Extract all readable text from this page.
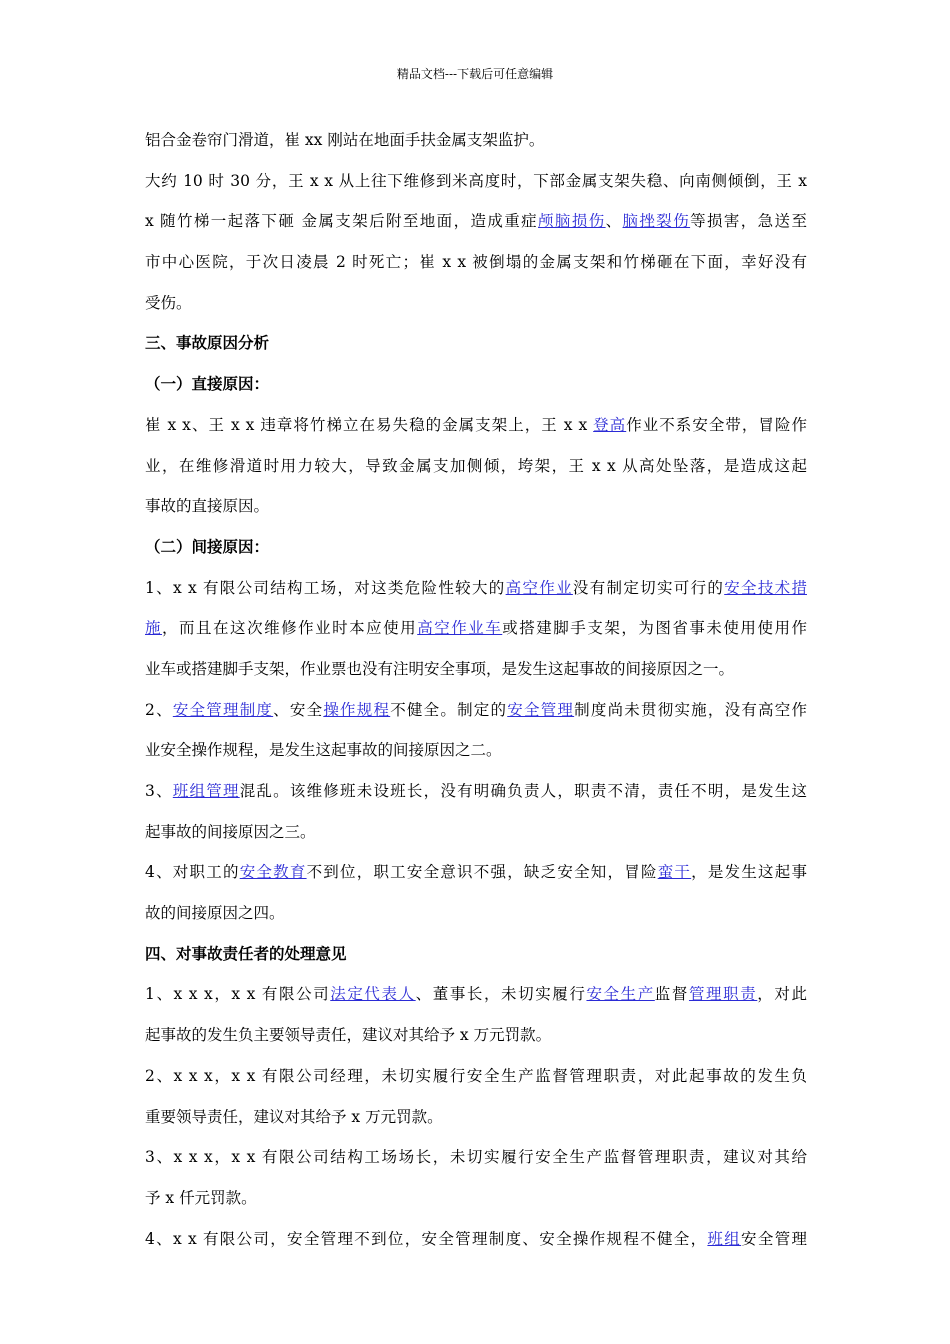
精品文档---下载后可任意编辑
铝合金卷帘门滑道，崔 xx 刚站在地面手扶金属支架监护。
大约 10 时 30 分，王 x x 从上往下维修到米高度时，下部金属支架失稳、向南侧倾倒，王 x
x 随竹梯一起落下砸 金属支架后附至地面，造成重症颅脑损伤、脑挫裂伤等损害，急送至
市中心医院，于次日凌晨 2 时死亡；崔 x x 被倒塌的金属支架和竹梯砸在下面，幸好没有
受伤。
三、事故原因分析
（一）直接原因：
崔 x x、王 x x 违章将竹梯立在易失稳的金属支架上，王 x x 登高作业不系安全带，冒险作
业，在维修滑道时用力较大，导致金属支加侧倾，垮架，王 x x 从高处坠落，是造成这起
事故的直接原因。
（二）间接原因：
1、x x 有限公司结构工场，对这类危险性较大的高空作业没有制定切实可行的安全技术措
施，而且在这次维修作业时本应使用高空作业车或搭建脚手支架，为图省事未使用使用作
业车或搭建脚手支架，作业票也没有注明安全事项，是发生这起事故的间接原因之一。
2、安全管理制度、安全操作规程不健全。制定的安全管理制度尚未贯彻实施，没有高空作
业安全操作规程，是发生这起事故的间接原因之二。
3、班组管理混乱。该维修班未设班长，没有明确负责人，职责不清，责任不明，是发生这
起事故的间接原因之三。
4、对职工的安全教育不到位，职工安全意识不强，缺乏安全知，冒险蛮干，是发生这起事
故的间接原因之四。
四、对事故责任者的处理意见
1、x x x，x x 有限公司法定代表人、董事长，未切实履行安全生产监督管理职责，对此
起事故的发生负主要领导责任，建议对其给予 x 万元罚款。
2、x x x，x x 有限公司经理，未切实履行安全生产监督管理职责，对此起事故的发生负
重要领导责任，建议对其给予 x 万元罚款。
3、x x x，x x 有限公司结构工场场长，未切实履行安全生产监督管理职责，建议对其给
予 x 仟元罚款。
4、x x 有限公司，安全管理不到位，安全管理制度、安全操作规程不健全，班组安全管理
